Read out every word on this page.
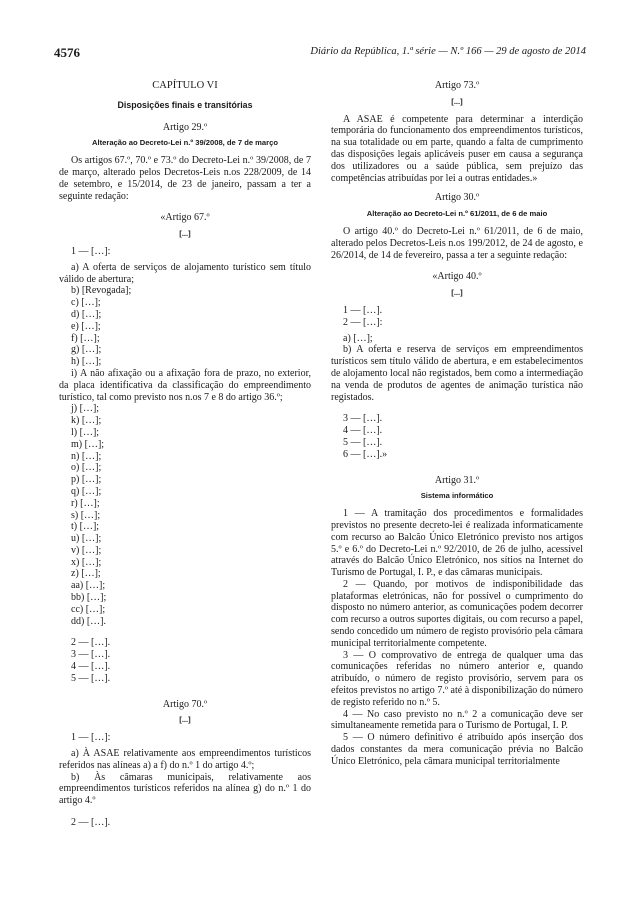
4576	Diário da República, 1.ª série — N.º 166 — 29 de agosto de 2014

CAPÍTULO VI

Disposições finais e transitórias

Artigo 29.º

Alteração ao Decreto-Lei n.º 39/2008, de 7 de março

Os artigos 67.º, 70.º e 73.º do Decreto-Lei n.º 39/2008, de 7 de março, alterado pelos Decretos-Leis n.os 228/2009, de 14 de setembro, e 15/2014, de 23 de janeiro, passam a ter a seguinte redação:

«Artigo 67.º

[...]

1 — […]:

a) A oferta de serviços de alojamento turístico sem título válido de abertura;

b) [Revogada];

c) […];

d) […];

e) […];

f) […];

g) […];

h) […];

i) A não afixação ou a afixação fora de prazo, no exterior, da placa identificativa da classificação do empreendimento turístico, tal como previsto nos n.os 7 e 8 do artigo 36.º;

j) […];

k) […];

l) […];

m) […];

n) […];

o) […];

p) […];

q) […];

r) […];

s) […];

t) […];

u) […];

v) […];

x) […];

z) […];

aa) […];

bb) […];

cc) […];

dd) […].

2 — […].

3 — […].

4 — […].

5 — […].

Artigo 70.º

[...]

1 — […]:

a) À ASAE relativamente aos empreendimentos turísticos referidos nas alíneas a) a f) do n.º 1 do artigo 4.º;

b) Às câmaras municipais, relativamente aos empreendimentos turísticos referidos na alínea g) do n.º 1 do artigo 4.º

2 — […].

Artigo 73.º

[...]

A ASAE é competente para determinar a interdição temporária do funcionamento dos empreendimentos turísticos, na sua totalidade ou em parte, quando a falta de cumprimento das disposições legais aplicáveis puser em causa a segurança dos utilizadores ou a saúde pública, sem prejuízo das competências atribuídas por lei a outras entidades.»

Artigo 30.º

Alteração ao Decreto-Lei n.º 61/2011, de 6 de maio

O artigo 40.º do Decreto-Lei n.º 61/2011, de 6 de maio, alterado pelos Decretos-Leis n.os 199/2012, de 24 de agosto, e 26/2014, de 14 de fevereiro, passa a ter a seguinte redação:

«Artigo 40.º

[...]

1 — […].

2 — […]:

a) […];

b) A oferta e reserva de serviços em empreendimentos turísticos sem título válido de abertura, e em estabelecimentos de alojamento local não registados, bem como a intermediação na venda de produtos de agentes de animação turística não registados.

3 — […].

4 — […].

5 — […].

6 — […].»

Artigo 31.º

Sistema informático

1 — A tramitação dos procedimentos e formalidades previstos no presente decreto-lei é realizada informaticamente com recurso ao Balcão Único Eletrónico previsto nos artigos 5.º e 6.º do Decreto-Lei n.º 92/2010, de 26 de julho, acessível através do Balcão Único Eletrónico, nos sítios na Internet do Turismo de Portugal, I. P., e das câmaras municipais.

2 — Quando, por motivos de indisponibilidade das plataformas eletrónicas, não for possível o cumprimento do disposto no número anterior, as comunicações podem decorrer com recurso a outros suportes digitais, ou com recurso a papel, sendo concedido um número de registo provisório pela câmara municipal territorialmente competente.

3 — O comprovativo de entrega de qualquer uma das comunicações referidas no número anterior e, quando atribuído, o número de registo provisório, servem para os efeitos previstos no artigo 7.º até à disponibilização do número de registo referido no n.º 5.

4 — No caso previsto no n.º 2 a comunicação deve ser simultaneamente remetida para o Turismo de Portugal, I. P.

5 — O número definitivo é atribuído após inserção dos dados constantes da mera comunicação prévia no Balcão Único Eletrónico, pela câmara municipal territorialmente
